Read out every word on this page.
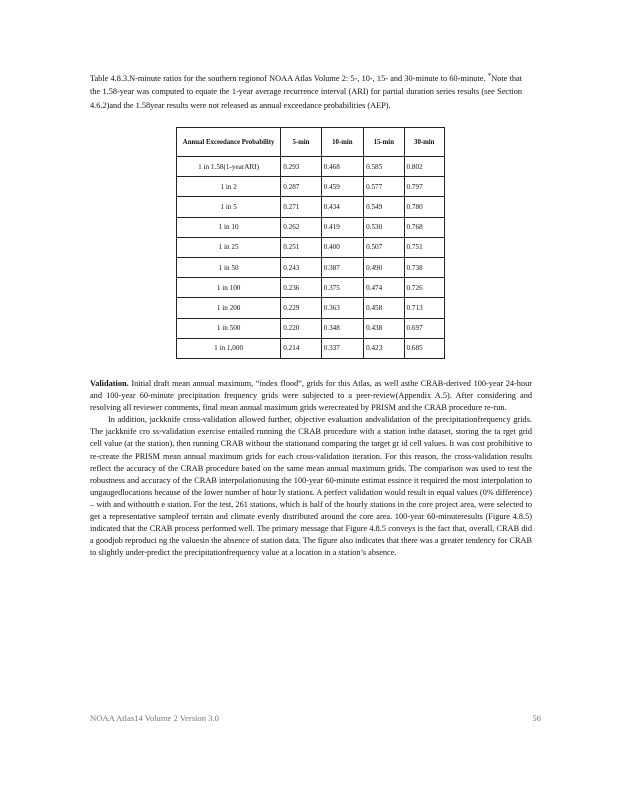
Table 4.8.3.N-minute ratios for the southern regionof NOAA Atlas Volume 2: 5-, 10-, 15- and 30-minute to 60-minute. *Note that the 1.58-year was computed to equate the 1-year average recurrence interval (ARI) for partial duration series results (see Section 4.6.2)and the 1.58year results were not released as annual exceedance probabilities (AEP).
Annual Exceedance Probability	5-min	10-min	15-min	30-min
1 in 1.58(1-yearARI)	0.293	0.468	0.585	0.802
1 in 2	0.287	0.459	0.577	0.797
1 in 5	0.271	0.434	0.549	0.780
1 in 10	0.262	0.419	0.530	0.768
1 in 25	0.251	0.400	0.507	0.751
1 in 50	0.243	0.387	0.490	0.738
1 in 100	0.236	0.375	0.474	0.726
1 in 200	0.229	0.363	0.458	0.713
1 in 500	0.220	0.348	0.438	0.697
1 in 1,000	0.214	0.337	0.423	0.685

Validation. Initial draft mean annual maximum, “index flood”, grids for this Atlas, as well asthe CRAB-derived 100-year 24-hour and 100-year 60-minute precipitation frequency grids were subjected to a peer-review(Appendix A.5). After considering and resolving all reviewer comments, final mean annual maximum grids werecreated by PRISM and the CRAB procedure re-run.

In addition, jackknife cross-validation allowed further, objective evaluation andvalidation of the precipitationfrequency grids. The jackknife cro ss-validation exercise entailed running the CRAB procedure with a station inthe dataset, storing the ta rget grid cell value (at the station), then running CRAB without the stationand comparing the target gr id cell values. It was cost prohibitive to re-create the PRISM mean annual maximum grids for each cross-validation iteration. For this reason, the cross-validation results reflect the accuracy of the CRAB procedure based on the same mean annual maximum grids. The comparison was used to test the robustness and accuracy of the CRAB interpolationusing the 100-year 60-minute estimat essince it required the most interpolation to ungaugedlocations because of the lower number of hour ly stations. A perfect validation would result in equal values (0% difference) – with and withoutth e station. For the test, 261 stations, which is half of the hourly stations in the core project area, were selected to get a representative sampleof terrain and climate evenly distributed around the core area. 100-year 60-minuteresults (Figure 4.8.5) indicated that the CRAB process performed well. The primary message that Figure 4.8.5 conveys is the fact that, overall, CRAB did a goodjob reproduci ng the valuesin the absence of station data. The figure also indicates that there was a greater tendency for CRAB to slightly under-predict the precipitationfrequency value at a location in a station’s absence.

NOAA Atlas14 Volume 2 Version 3.0	56
